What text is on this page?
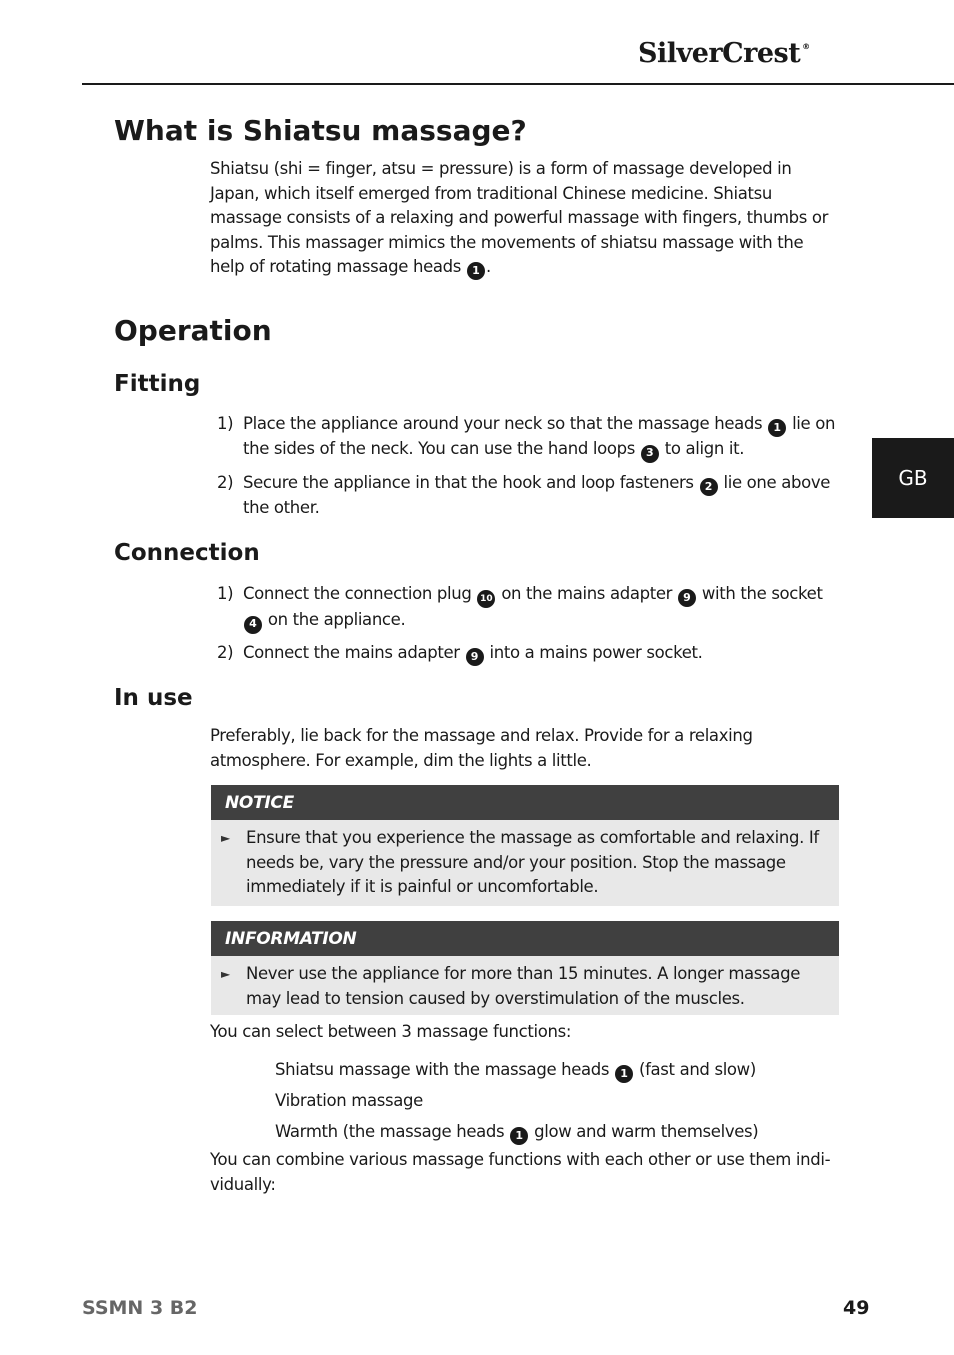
SilverCrest ®
GB
What is Shiatsu massage?

Shiatsu (shi = finger, atsu = pressure) is a form of massage developed in Japan, which itself emerged from traditional Chinese medicine. Shiatsu massage consists of a relaxing and powerful massage with fingers, thumbs or palms. This massager mimics the movements of shiatsu massage with the help of rotating massage heads 1 .

Operation
Fitting
1) Place the appliance around your neck so that the massage heads 1 lie on the sides of the neck. You can use the hand loops 3 to align it.
2) Secure the appliance in that the hook and loop fasteners 2 lie one above the other.
Connection
1) Connect the connection plug 10 on the mains adapter 9 with the socket 4 on the appliance.
2) Connect the mains adapter 9 into a mains power socket.
In use

Preferably, lie back for the massage and relax. Provide for a relaxing atmosphere. For example, dim the lights a little.

NOTICE
► Ensure that you experience the massage as comfortable and relaxing. If needs be, vary the pressure and/or your position. Stop the massage immediately if it is painful or uncomfortable.
INFORMATION
► Never use the appliance for more than 15 minutes. A longer massage may lead to tension caused by overstimulation of the muscles.

You can select between 3 massage functions:

Shiatsu massage with the massage heads 1 (fast and slow)
Vibration massage
Warmth (the massage heads 1 glow and warm themselves)

You can combine various massage functions with each other or use them indi-vidually:

SSMN 3 B2	49
